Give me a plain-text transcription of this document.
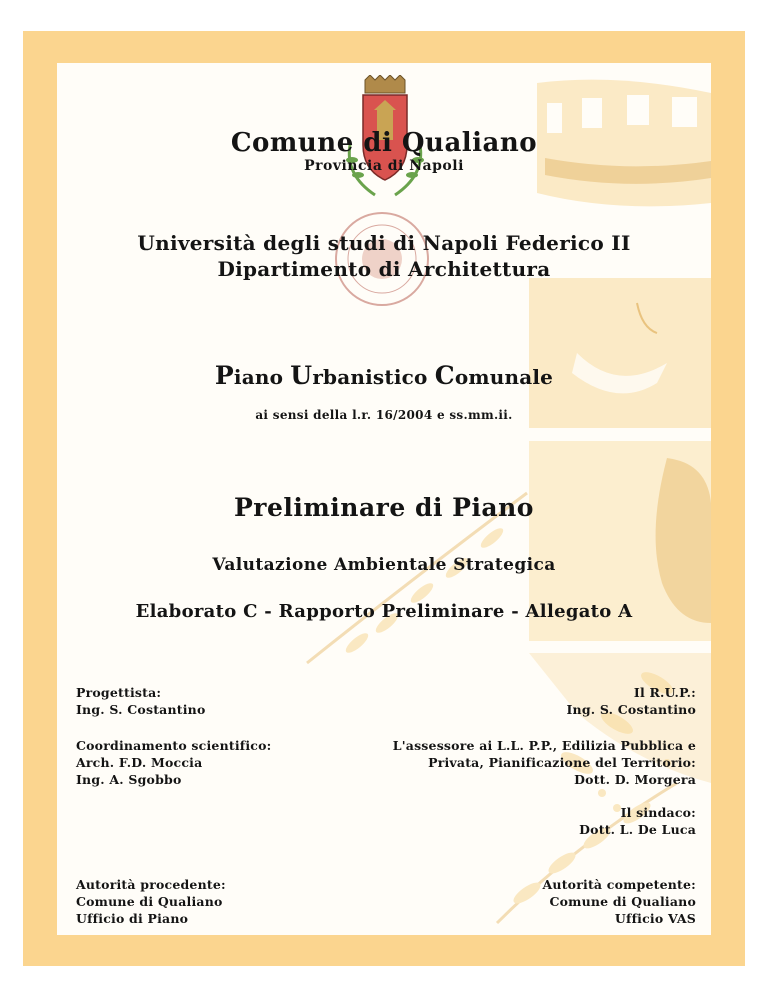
Comune di Qualiano
Provincia di Napoli
Università degli studi di Napoli Federico II
Dipartimento di Architettura
Piano Urbanistico Comunale
ai sensi della l.r. 16/2004 e ss.mm.ii.
Preliminare di Piano
Valutazione Ambientale Strategica
Elaborato C - Rapporto Preliminare - Allegato A
Progettista:
Ing. S. Costantino
Il R.U.P.:
Ing. S. Costantino
Coordinamento scientifico:
Arch. F.D. Moccia
Ing. A. Sgobbo
L'assessore ai L.L. P.P., Edilizia Pubblica e
Privata, Pianificazione del Territorio:
Dott. D. Morgera
Il sindaco:
Dott. L. De Luca
Autorità procedente:
Comune di Qualiano
Ufficio di Piano
Autorità competente:
Comune di Qualiano
Ufficio VAS
